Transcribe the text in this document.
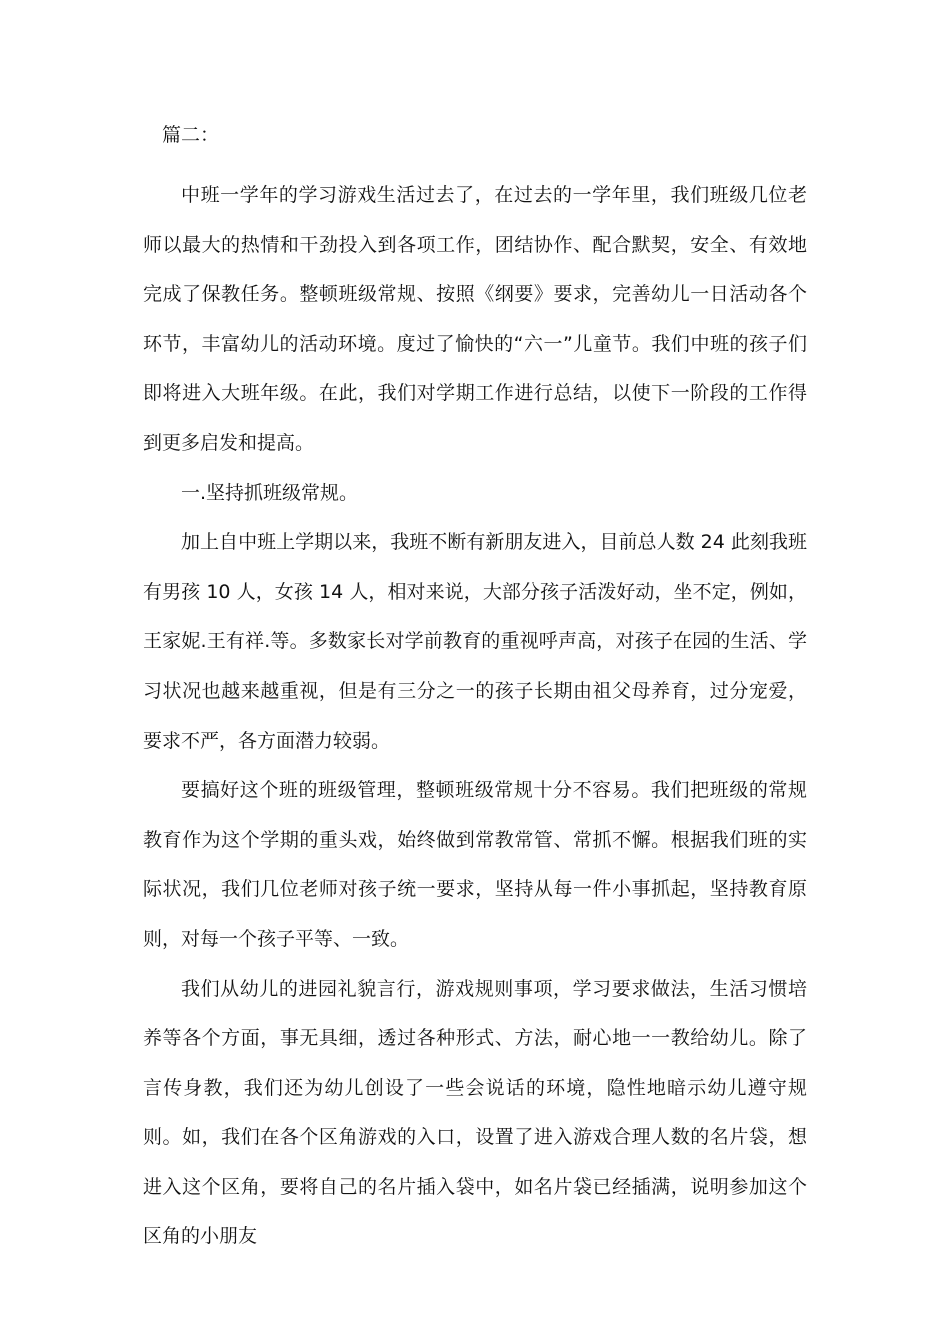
篇二：

中班一学年的学习游戏生活过去了，在过去的一学年里，我们班级几位老师以最大的热情和干劲投入到各项工作，团结协作、配合默契，安全、有效地完成了保教任务。整顿班级常规、按照《纲要》要求，完善幼儿一日活动各个环节，丰富幼儿的活动环境。度过了愉快的“六一”儿童节。我们中班的孩子们即将进入大班年级。在此，我们对学期工作进行总结，以使下一阶段的工作得到更多启发和提高。

一.坚持抓班级常规。

加上自中班上学期以来，我班不断有新朋友进入，目前总人数 24 此刻我班有男孩 10 人，女孩 14 人，相对来说，大部分孩子活泼好动，坐不定，例如，王家妮.王有祥.等。多数家长对学前教育的重视呼声高，对孩子在园的生活、学习状况也越来越重视，但是有三分之一的孩子长期由祖父母养育，过分宠爱，要求不严，各方面潜力较弱。

要搞好这个班的班级管理，整顿班级常规十分不容易。我们把班级的常规教育作为这个学期的重头戏，始终做到常教常管、常抓不懈。根据我们班的实际状况，我们几位老师对孩子统一要求，坚持从每一件小事抓起，坚持教育原则，对每一个孩子平等、一致。

我们从幼儿的进园礼貌言行，游戏规则事项，学习要求做法，生活习惯培养等各个方面，事无具细，透过各种形式、方法，耐心地一一教给幼儿。除了言传身教，我们还为幼儿创设了一些会说话的环境，隐性地暗示幼儿遵守规则。如，我们在各个区角游戏的入口，设置了进入游戏合理人数的名片袋，想进入这个区角，要将自己的名片插入袋中，如名片袋已经插满，说明参加这个区角的小朋友
